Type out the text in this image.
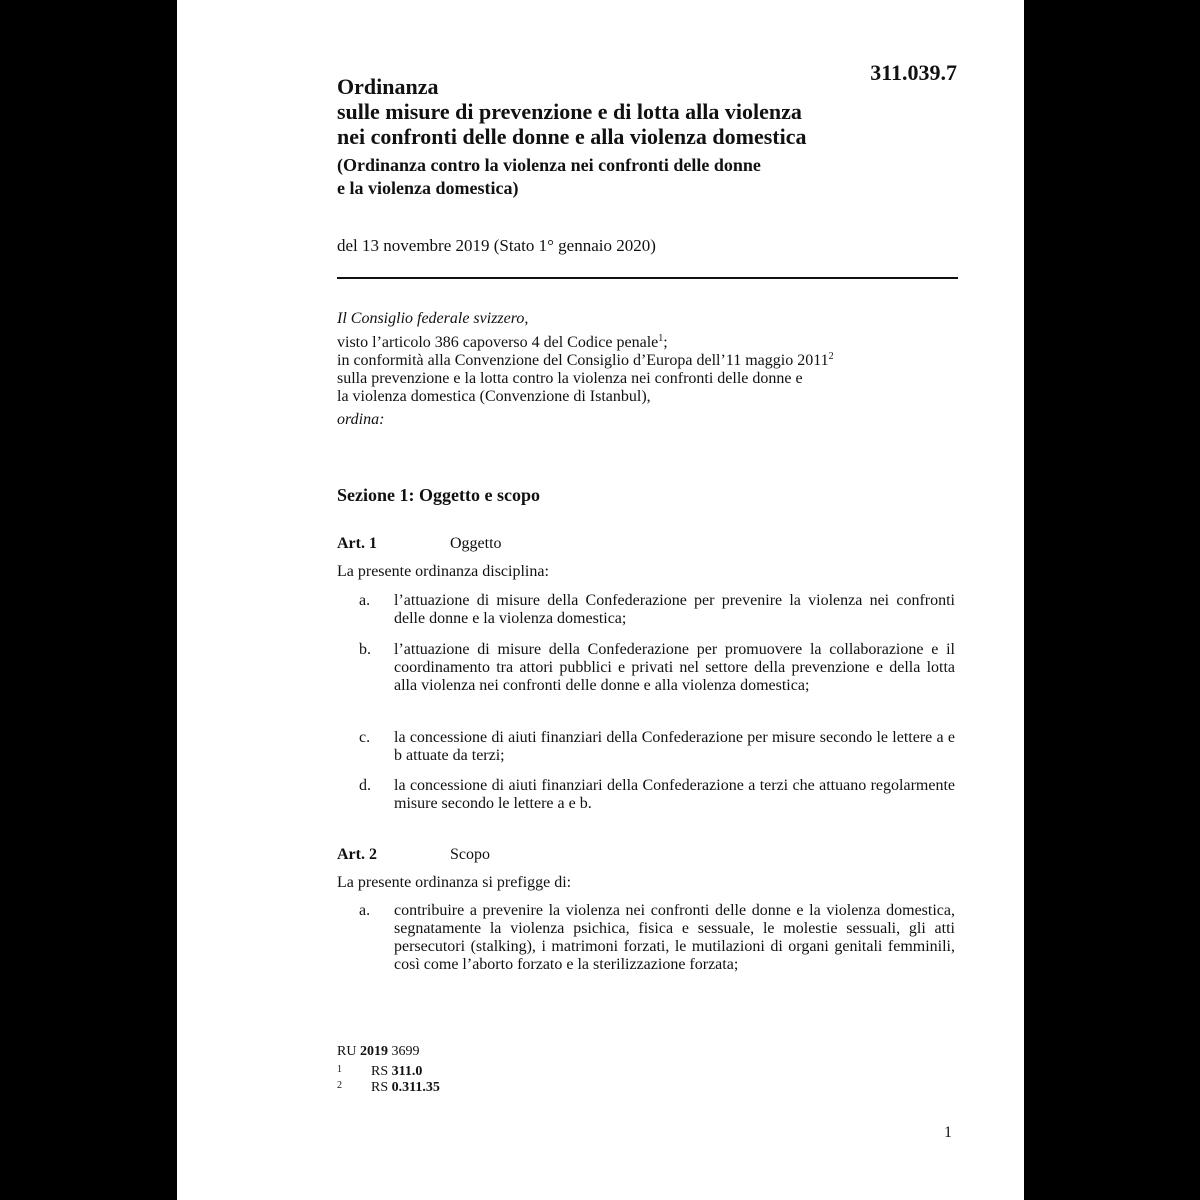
311.039.7
Ordinanza
sulle misure di prevenzione e di lotta alla violenza
nei confronti delle donne e alla violenza domestica
(Ordinanza contro la violenza nei confronti delle donne
e la violenza domestica)
del 13 novembre 2019 (Stato 1° gennaio 2020)
Il Consiglio federale svizzero,
visto l’articolo 386 capoverso 4 del Codice penale$^1$;
in conformità alla Convenzione del Consiglio d’Europa dell’11 maggio 2011$^2$
sulla prevenzione e la lotta contro la violenza nei confronti delle donne e
la violenza domestica (Convenzione di Istanbul),
ordina:
Sezione 1: Oggetto e scopo
Art. 1	Oggetto
La presente ordinanza disciplina:
a. l’attuazione di misure della Confederazione per prevenire la violenza nei confronti delle donne e la violenza domestica;
b. l’attuazione di misure della Confederazione per promuovere la collaborazione e il coordinamento tra attori pubblici e privati nel settore della prevenzione e della lotta alla violenza nei confronti delle donne e alla violenza domestica;
c. la concessione di aiuti finanziari della Confederazione per misure secondo le lettere a e b attuate da terzi;
d. la concessione di aiuti finanziari della Confederazione a terzi che attuano regolarmente misure secondo le lettere a e b.
Art. 2	Scopo
La presente ordinanza si prefigge di:
a. contribuire a prevenire la violenza nei confronti delle donne e la violenza domestica, segnatamente la violenza psichica, fisica e sessuale, le molestie sessuali, gli atti persecutori (stalking), i matrimoni forzati, le mutilazioni di organi genitali femminili, così come l’aborto forzato e la sterilizzazione forzata;
RU 2019 3699
1 RS 311.0
2 RS 0.311.35
1
